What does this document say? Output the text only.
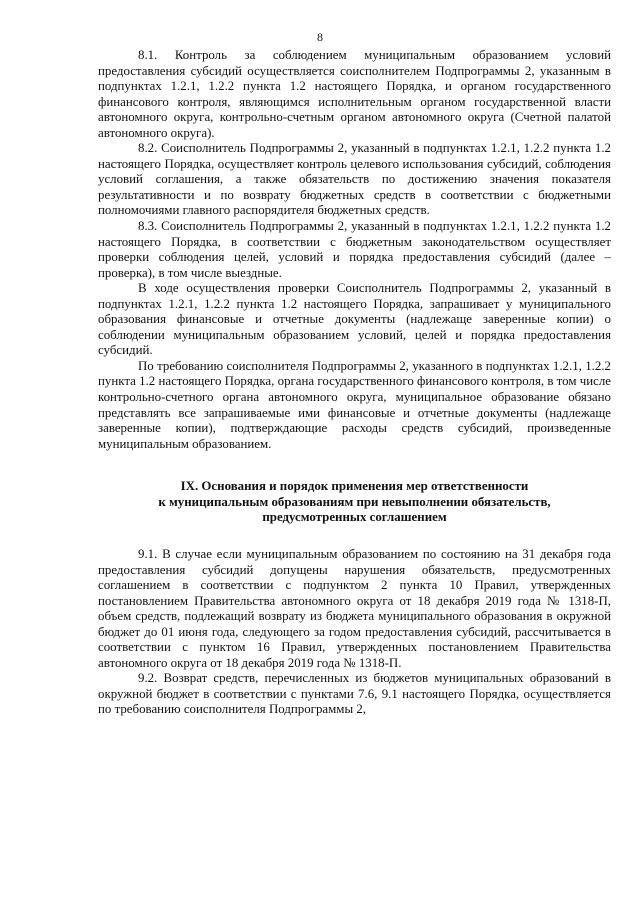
8

8.1. Контроль за соблюдением муниципальным образованием условий предоставления субсидий осуществляется соисполнителем Подпрограммы 2, указанным в подпунктах 1.2.1, 1.2.2 пункта 1.2 настоящего Порядка, и органом государственного финансового контроля, являющимся исполнительным органом государственной власти автономного округа, контрольно-счетным органом автономного округа (Счетной палатой автономного округа).

8.2. Соисполнитель Подпрограммы 2, указанный в подпунктах 1.2.1, 1.2.2 пункта 1.2 настоящего Порядка, осуществляет контроль целевого использования субсидий, соблюдения условий соглашения, а также обязательств по достижению значения показателя результативности и по возврату бюджетных средств в соответствии с бюджетными полномочиями главного распорядителя бюджетных средств.

8.3. Соисполнитель Подпрограммы 2, указанный в подпунктах 1.2.1, 1.2.2 пункта 1.2 настоящего Порядка, в соответствии с бюджетным законодательством осуществляет проверки соблюдения целей, условий и порядка предоставления субсидий (далее – проверка), в том числе выездные.

В ходе осуществления проверки Соисполнитель Подпрограммы 2, указанный в подпунктах 1.2.1, 1.2.2 пункта 1.2 настоящего Порядка, запрашивает у муниципального образования финансовые и отчетные документы (надлежаще заверенные копии) о соблюдении муниципальным образованием условий, целей и порядка предоставления субсидий.

По требованию соисполнителя Подпрограммы 2, указанного в подпунктах 1.2.1, 1.2.2 пункта 1.2 настоящего Порядка, органа государственного финансового контроля, в том числе контрольно-счетного органа автономного округа, муниципальное образование обязано представлять все запрашиваемые ими финансовые и отчетные документы (надлежаще заверенные копии), подтверждающие расходы средств субсидий, произведенные муниципальным образованием.

IX. Основания и порядок применения мер ответственности
к муниципальным образованиям при невыполнении обязательств,
предусмотренных соглашением

9.1. В случае если муниципальным образованием по состоянию на 31 декабря года предоставления субсидий допущены нарушения обязательств, предусмотренных соглашением в соответствии с подпунктом 2 пункта 10 Правил, утвержденных постановлением Правительства автономного округа от 18 декабря 2019 года № 1318-П, объем средств, подлежащий возврату из бюджета муниципального образования в окружной бюджет до 01 июня года, следующего за годом предоставления субсидий, рассчитывается в соответствии с пунктом 16 Правил, утвержденных постановлением Правительства автономного округа от 18 декабря 2019 года № 1318-П.

9.2. Возврат средств, перечисленных из бюджетов муниципальных образований в окружной бюджет в соответствии с пунктами 7.6, 9.1 настоящего Порядка, осуществляется по требованию соисполнителя Подпрограммы 2,
